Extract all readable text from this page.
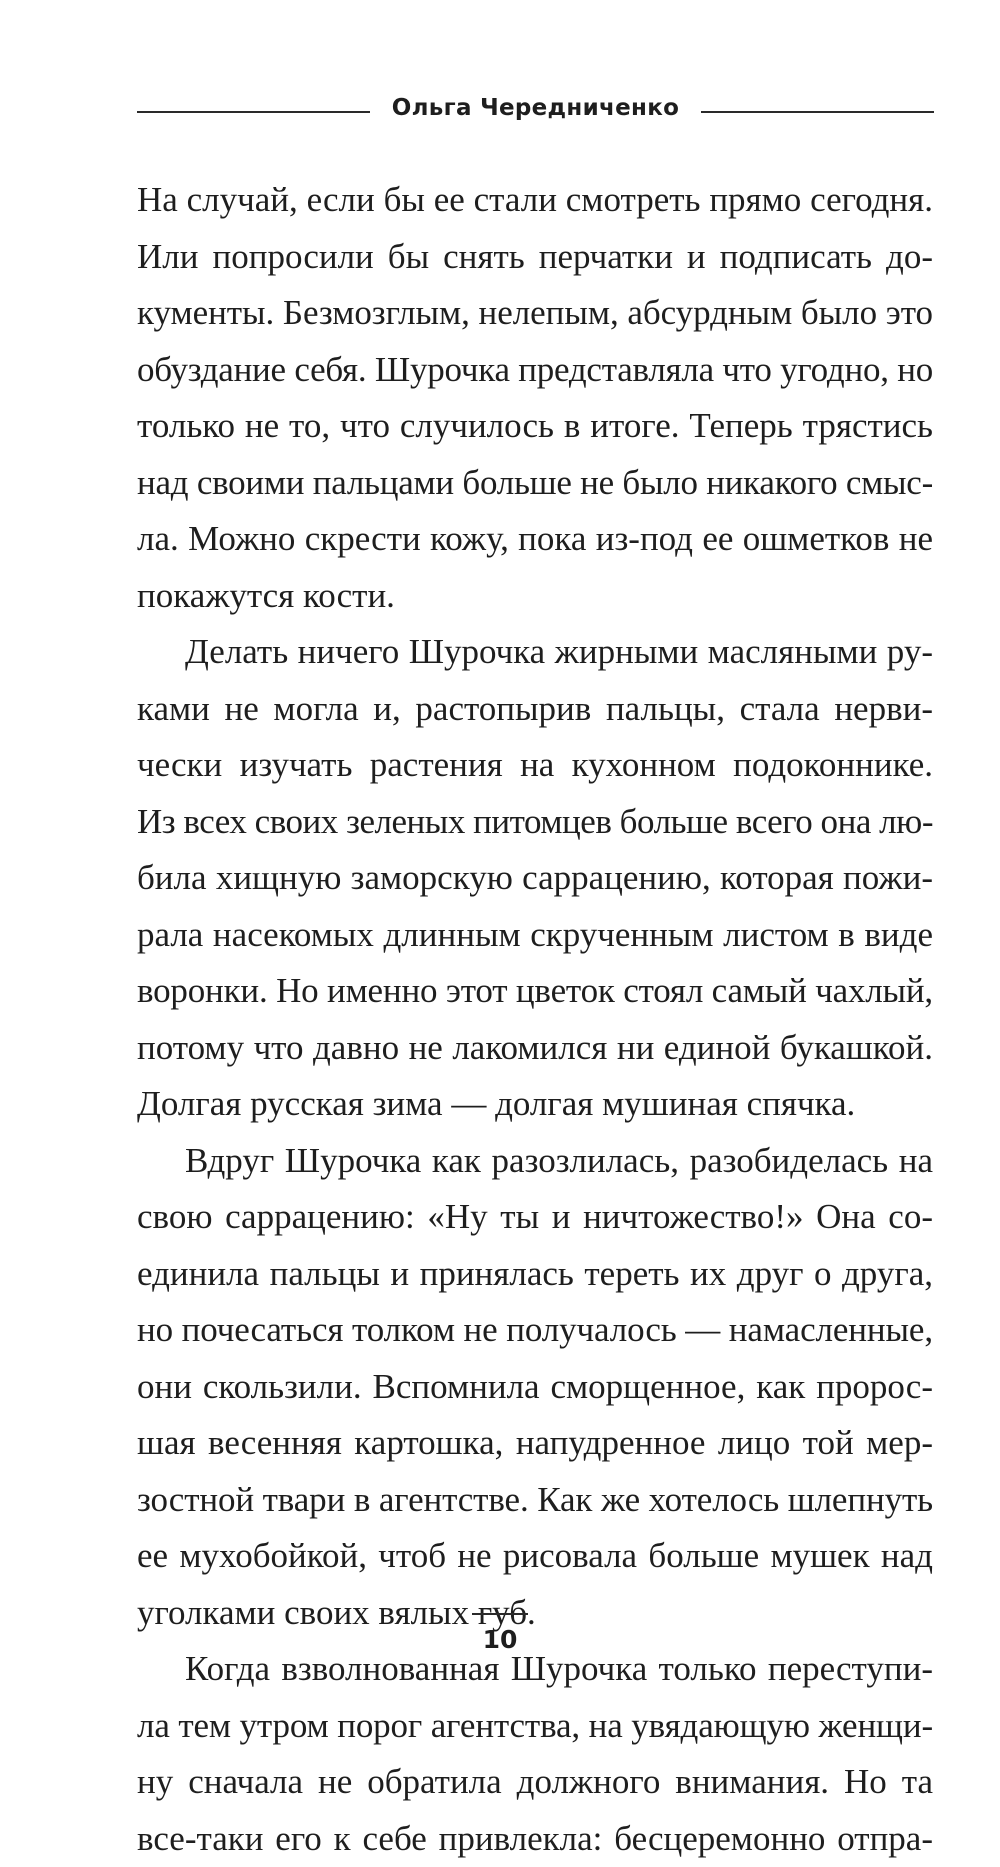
Ольга Чередниченко
На случай, если бы ее стали смотреть прямо сегодня.
Или попросили бы снять перчатки и подписать до-
кументы. Безмозглым, нелепым, абсурдным было это
обуздание себя. Шурочка представляла что угодно, но
только не то, что случилось в итоге. Теперь трястись
над своими пальцами больше не было никакого смыс-
ла. Можно скрести кожу, пока из-под ее ошметков не
покажутся кости.
Делать ничего Шурочка жирными масляными ру-
ками не могла и, растопырив пальцы, стала нерви-
чески изучать растения на кухонном подоконнике.
Из всех своих зеленых питомцев больше всего она лю-
била хищную заморскую саррацению, которая пожи-
рала насекомых длинным скрученным листом в виде
воронки. Но именно этот цветок стоял самый чахлый,
потому что давно не лакомился ни единой букашкой.
Долгая русская зима — долгая мушиная спячка.
Вдруг Шурочка как разозлилась, разобиделась на
свою саррацению: «Ну ты и ничтожество!» Она со-
единила пальцы и принялась тереть их друг о друга,
но почесаться толком не получалось — намасленные,
они скользили. Вспомнила сморщенное, как пророс-
шая весенняя картошка, напудренное лицо той мер-
зостной твари в агентстве. Как же хотелось шлепнуть
ее мухобойкой, чтоб не рисовала больше мушек над
уголками своих вялых губ.
Когда взволнованная Шурочка только переступи-
ла тем утром порог агентства, на увядающую женщи-
ну сначала не обратила должного внимания. Но та
все-таки его к себе привлекла: бесцеремонно отпра-
10
